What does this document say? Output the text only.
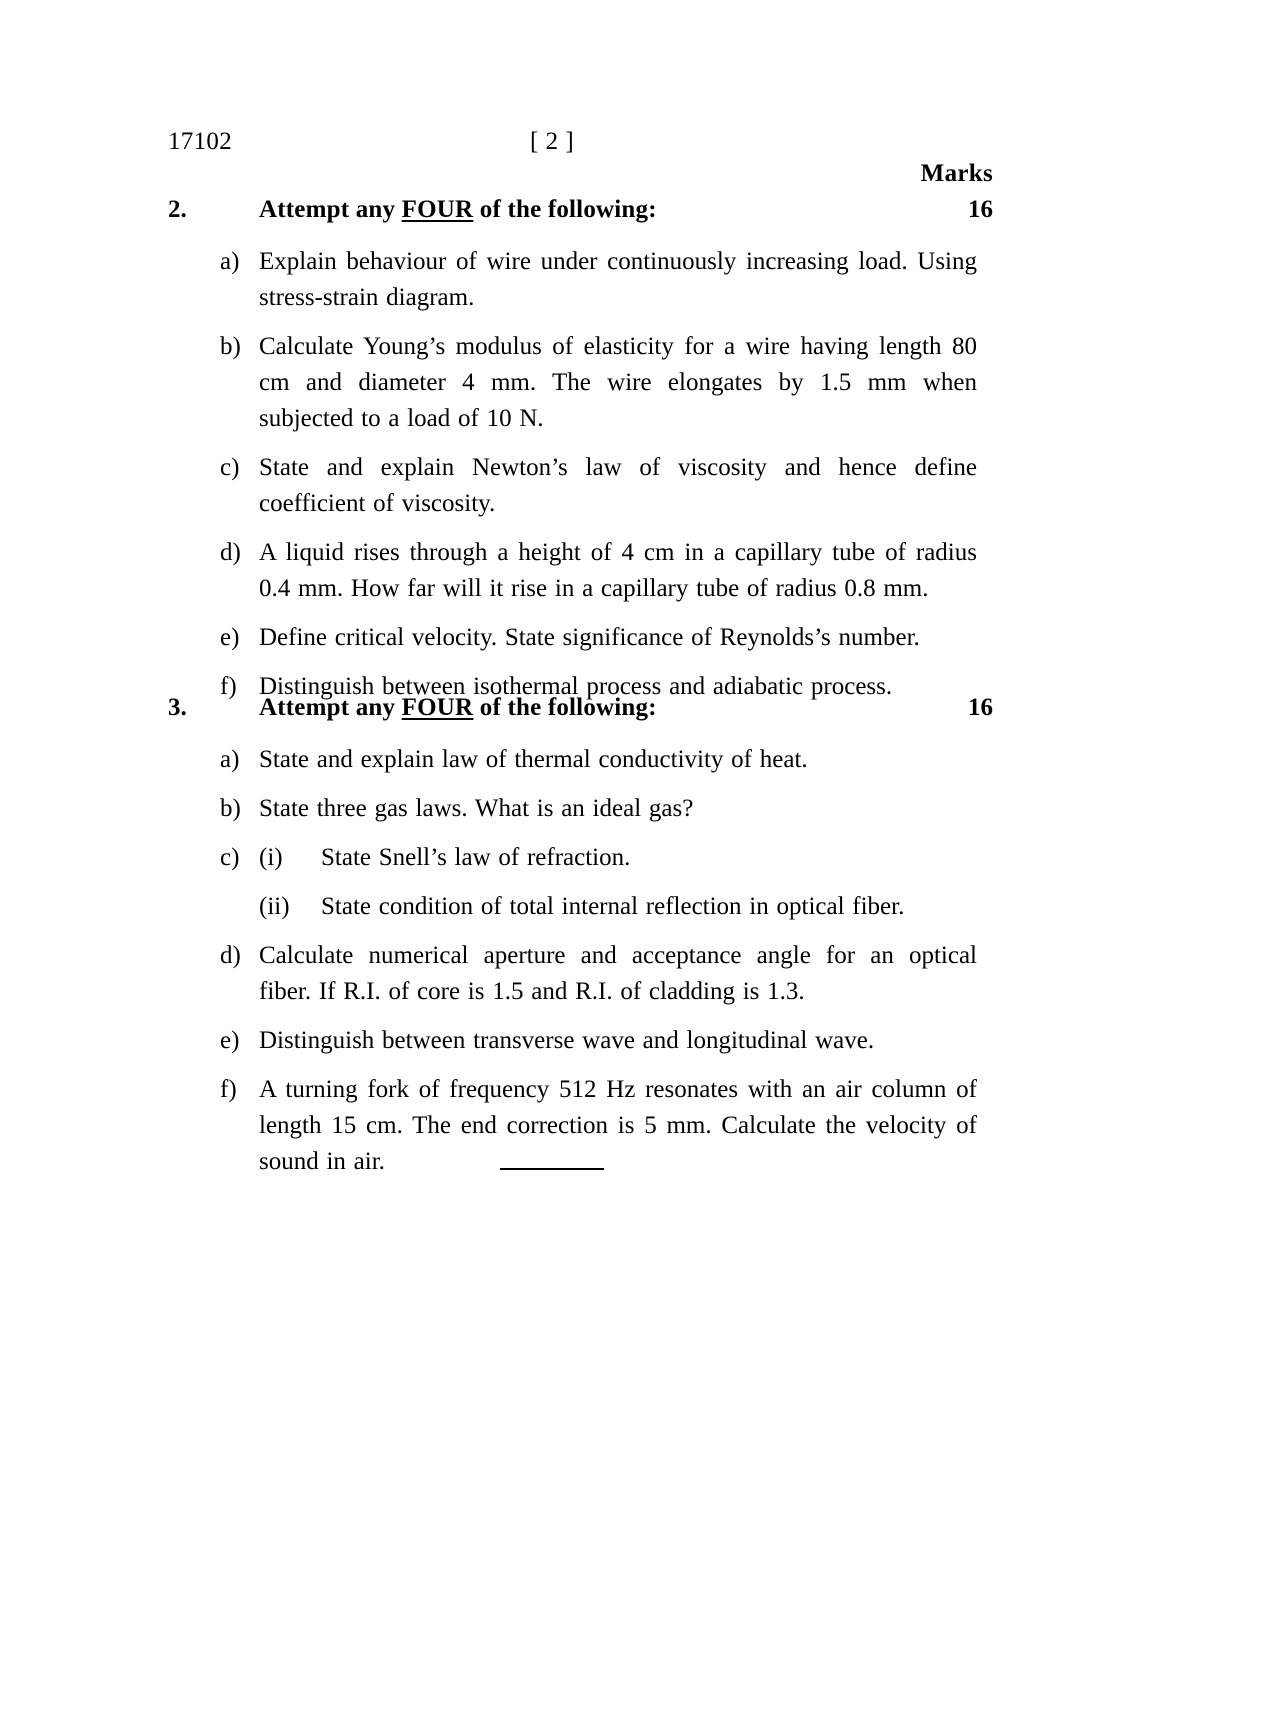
17102	[ 2 ]
Marks
2.	Attempt any FOUR of the following:	16
a) Explain behaviour of wire under continuously increasing load. Using stress-strain diagram.
b) Calculate Young’s modulus of elasticity for a wire having length 80 cm and diameter 4 mm. The wire elongates by 1.5 mm when subjected to a load of 10 N.
c) State and explain Newton’s law of viscosity and hence define coefficient of viscosity.
d) A liquid rises through a height of 4 cm in a capillary tube of radius 0.4 mm. How far will it rise in a capillary tube of radius 0.8 mm.
e) Define critical velocity. State significance of Reynolds’s number.
f) Distinguish between isothermal process and adiabatic process.
3.	Attempt any FOUR of the following:	16
a) State and explain law of thermal conductivity of heat.
b) State three gas laws. What is an ideal gas?
c) (i) State Snell’s law of refraction.
(ii) State condition of total internal reflection in optical fiber.
d) Calculate numerical aperture and acceptance angle for an optical fiber. If R.I. of core is 1.5 and R.I. of cladding is 1.3.
e) Distinguish between transverse wave and longitudinal wave.
f) A turning fork of frequency 512 Hz resonates with an air column of length 15 cm. The end correction is 5 mm. Calculate the velocity of sound in air.
